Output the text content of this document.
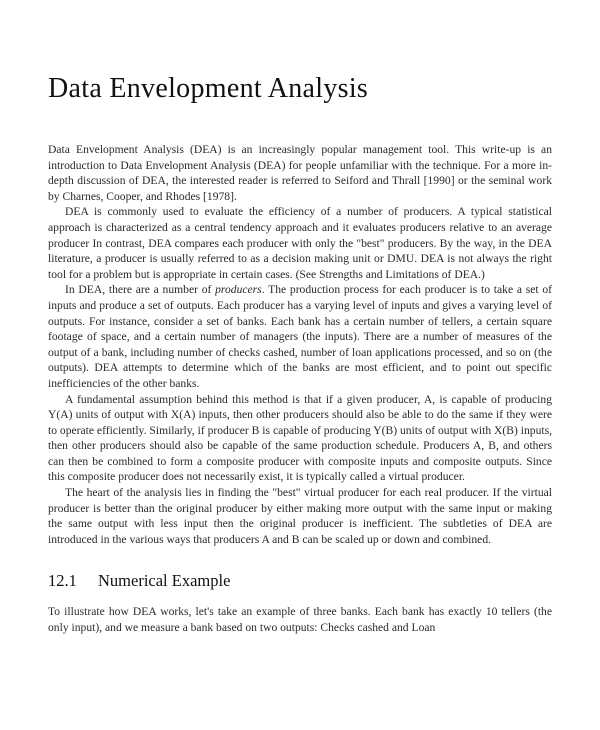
Data Envelopment Analysis

Data Envelopment Analysis (DEA) is an increasingly popular management tool. This write-up is an introduction to Data Envelopment Analysis (DEA) for people unfamiliar with the technique. For a more in-depth discussion of DEA, the interested reader is referred to Seiford and Thrall [1990] or the seminal work by Charnes, Cooper, and Rhodes [1978].

DEA is commonly used to evaluate the efficiency of a number of producers. A typical statistical approach is characterized as a central tendency approach and it evaluates producers relative to an average producer In contrast, DEA compares each producer with only the "best" producers. By the way, in the DEA literature, a producer is usually referred to as a decision making unit or DMU. DEA is not always the right tool for a problem but is appropriate in certain cases. (See Strengths and Limitations of DEA.)

In DEA, there are a number of producers. The production process for each producer is to take a set of inputs and produce a set of outputs. Each producer has a varying level of inputs and gives a varying level of outputs. For instance, consider a set of banks. Each bank has a certain number of tellers, a certain square footage of space, and a certain number of managers (the inputs). There are a number of measures of the output of a bank, including number of checks cashed, number of loan applications processed, and so on (the outputs). DEA attempts to determine which of the banks are most efficient, and to point out specific inefficiencies of the other banks.

A fundamental assumption behind this method is that if a given producer, A, is capable of producing Y(A) units of output with X(A) inputs, then other producers should also be able to do the same if they were to operate efficiently. Similarly, if producer B is capable of producing Y(B) units of output with X(B) inputs, then other producers should also be capable of the same production schedule. Producers A, B, and others can then be combined to form a composite producer with composite inputs and composite outputs. Since this composite producer does not necessarily exist, it is typically called a virtual producer.

The heart of the analysis lies in finding the "best" virtual producer for each real producer. If the virtual producer is better than the original producer by either making more output with the same input or making the same output with less input then the original producer is inefficient. The subtleties of DEA are introduced in the various ways that producers A and B can be scaled up or down and combined.

12.1 Numerical Example

To illustrate how DEA works, let's take an example of three banks. Each bank has exactly 10 tellers (the only input), and we measure a bank based on two outputs: Checks cashed and Loan
